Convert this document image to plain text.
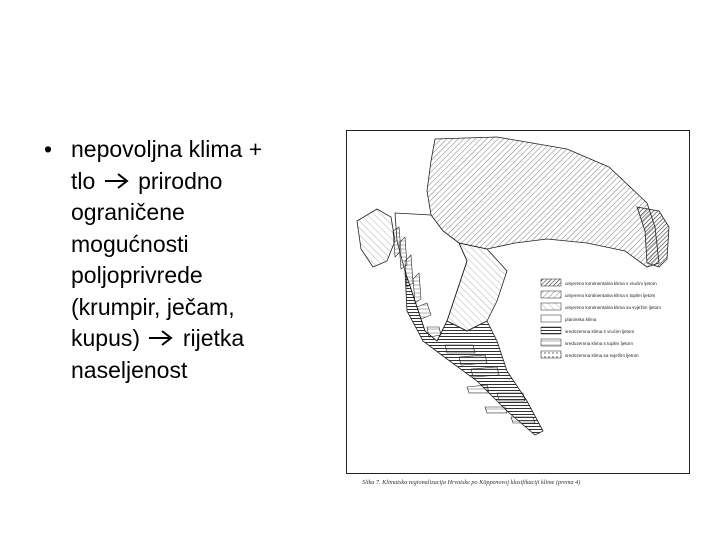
• nepovoljna klima +
tlo prirodno
ograničene
mogućnosti
poljoprivrede
(krumpir, ječam,
kupus) rijetka
naseljenost
umjereno kontinentalna klima s vrućim ljetom
umjereno kontinentalna klima s toplim ljetom
umjereno kontinentalna klima sa svježim ljetom
planinska klima
sredozemna klima s vrućim ljetom
sredozemna klima s toplim ljetom
sredozemna klima sa svježim ljetom
Slika 7. Klimatska regionalizacija Hrvatske po Köppenovoj klasifikaciji klime (prema 4)
